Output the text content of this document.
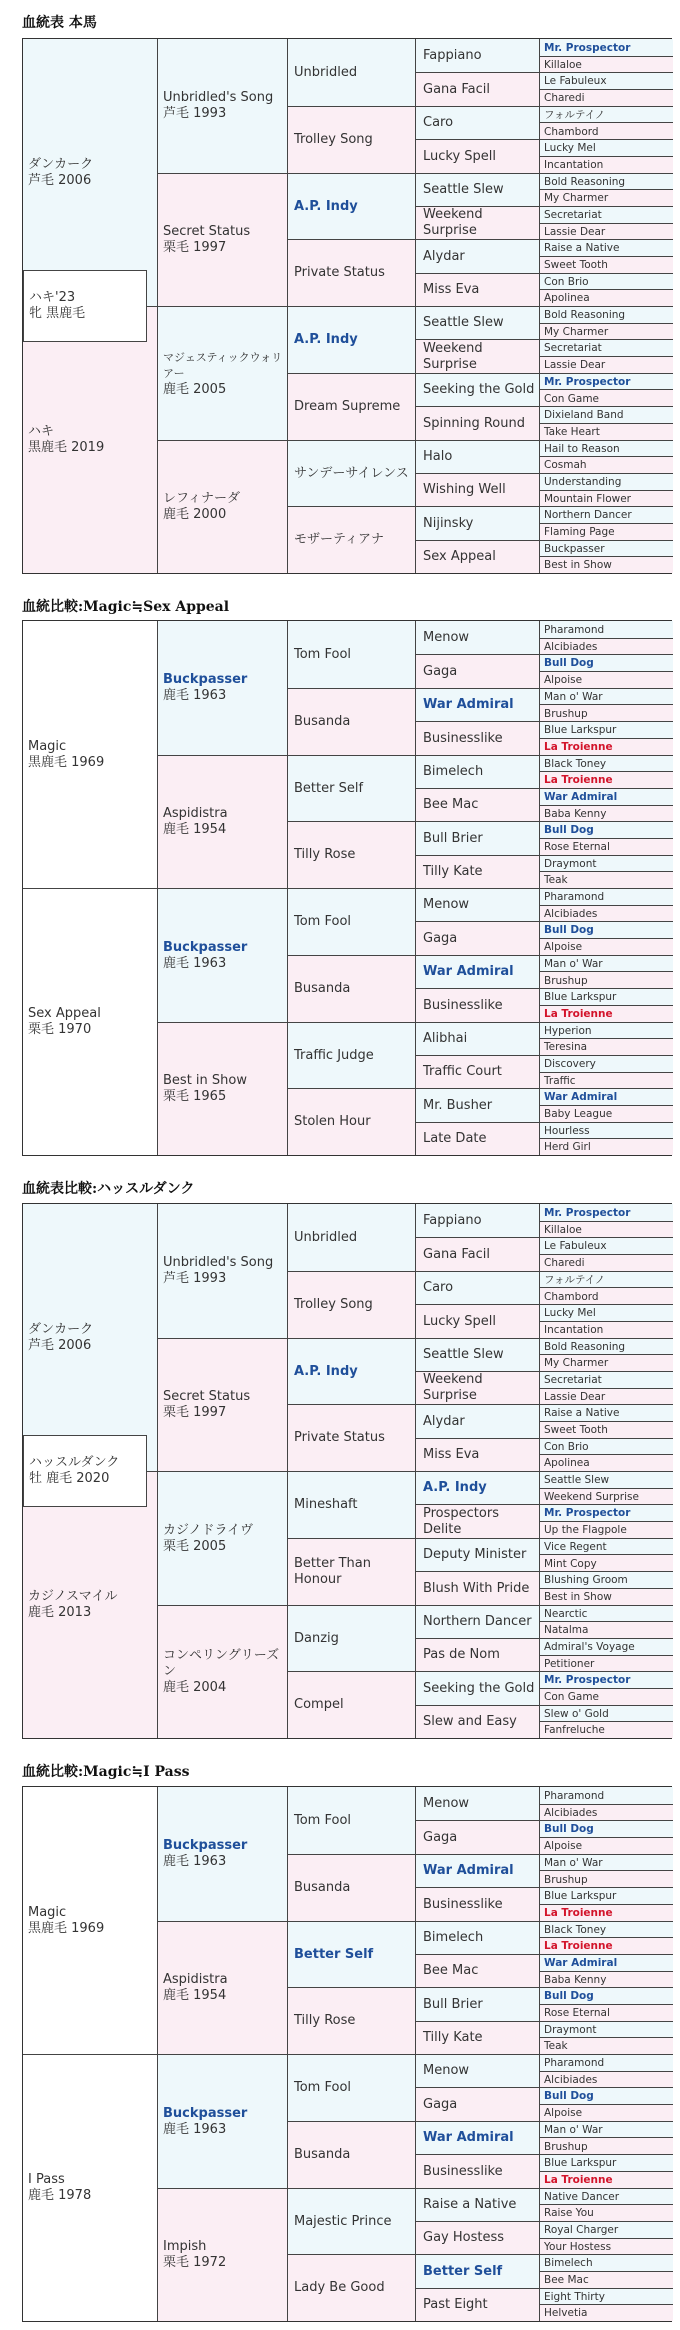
血統表 本馬
ダンカーク
芦毛 2006
ハキ
黒鹿毛 2019
Unbridled's Song
芦毛 1993
Secret Status
栗毛 1997
マジェスティックウォリアー
鹿毛 2005
レフィナーダ
鹿毛 2000
Unbridled
Trolley Song
A.P. Indy
Private Status
A.P. Indy
Dream Supreme
サンデーサイレンス
モザーティアナ
Fappiano
Gana Facil
Caro
Lucky Spell
Seattle Slew
Weekend Surprise
Alydar
Miss Eva
Seattle Slew
Weekend Surprise
Seeking the Gold
Spinning Round
Halo
Wishing Well
Nijinsky
Sex Appeal
Mr. Prospector
Killaloe
Le Fabuleux
Charedi
フォルテイノ
Chambord
Lucky Mel
Incantation
Bold Reasoning
My Charmer
Secretariat
Lassie Dear
Raise a Native
Sweet Tooth
Con Brio
Apolinea
Bold Reasoning
My Charmer
Secretariat
Lassie Dear
Mr. Prospector
Con Game
Dixieland Band
Take Heart
Hail to Reason
Cosmah
Understanding
Mountain Flower
Northern Dancer
Flaming Page
Buckpasser
Best in Show
ハキ'23
牝 黒鹿毛
血統比較:Magic≒Sex Appeal
Magic
黒鹿毛 1969
Sex Appeal
栗毛 1970
Buckpasser
鹿毛 1963
Aspidistra
鹿毛 1954
Buckpasser
鹿毛 1963
Best in Show
栗毛 1965
Tom Fool
Busanda
Better Self
Tilly Rose
Tom Fool
Busanda
Traffic Judge
Stolen Hour
Menow
Gaga
War Admiral
Businesslike
Bimelech
Bee Mac
Bull Brier
Tilly Kate
Menow
Gaga
War Admiral
Businesslike
Alibhai
Traffic Court
Mr. Busher
Late Date
Pharamond
Alcibiades
Bull Dog
Alpoise
Man o' War
Brushup
Blue Larkspur
La Troienne
Black Toney
La Troienne
War Admiral
Baba Kenny
Bull Dog
Rose Eternal
Draymont
Teak
Pharamond
Alcibiades
Bull Dog
Alpoise
Man o' War
Brushup
Blue Larkspur
La Troienne
Hyperion
Teresina
Discovery
Traffic
War Admiral
Baby League
Hourless
Herd Girl
血統表比較:ハッスルダンク
ダンカーク
芦毛 2006
カジノスマイル
鹿毛 2013
Unbridled's Song
芦毛 1993
Secret Status
栗毛 1997
カジノドライヴ
栗毛 2005
コンペリングリーズン
鹿毛 2004
Unbridled
Trolley Song
A.P. Indy
Private Status
Mineshaft
Better Than Honour
Danzig
Compel
Fappiano
Gana Facil
Caro
Lucky Spell
Seattle Slew
Weekend Surprise
Alydar
Miss Eva
A.P. Indy
Prospectors Delite
Deputy Minister
Blush With Pride
Northern Dancer
Pas de Nom
Seeking the Gold
Slew and Easy
Mr. Prospector
Killaloe
Le Fabuleux
Charedi
フォルテイノ
Chambord
Lucky Mel
Incantation
Bold Reasoning
My Charmer
Secretariat
Lassie Dear
Raise a Native
Sweet Tooth
Con Brio
Apolinea
Seattle Slew
Weekend Surprise
Mr. Prospector
Up the Flagpole
Vice Regent
Mint Copy
Blushing Groom
Best in Show
Nearctic
Natalma
Admiral's Voyage
Petitioner
Mr. Prospector
Con Game
Slew o' Gold
Fanfreluche
ハッスルダンク
牡 鹿毛 2020
血統比較:Magic≒I Pass
Magic
黒鹿毛 1969
I Pass
鹿毛 1978
Buckpasser
鹿毛 1963
Aspidistra
鹿毛 1954
Buckpasser
鹿毛 1963
Impish
栗毛 1972
Tom Fool
Busanda
Better Self
Tilly Rose
Tom Fool
Busanda
Majestic Prince
Lady Be Good
Menow
Gaga
War Admiral
Businesslike
Bimelech
Bee Mac
Bull Brier
Tilly Kate
Menow
Gaga
War Admiral
Businesslike
Raise a Native
Gay Hostess
Better Self
Past Eight
Pharamond
Alcibiades
Bull Dog
Alpoise
Man o' War
Brushup
Blue Larkspur
La Troienne
Black Toney
La Troienne
War Admiral
Baba Kenny
Bull Dog
Rose Eternal
Draymont
Teak
Pharamond
Alcibiades
Bull Dog
Alpoise
Man o' War
Brushup
Blue Larkspur
La Troienne
Native Dancer
Raise You
Royal Charger
Your Hostess
Bimelech
Bee Mac
Eight Thirty
Helvetia
